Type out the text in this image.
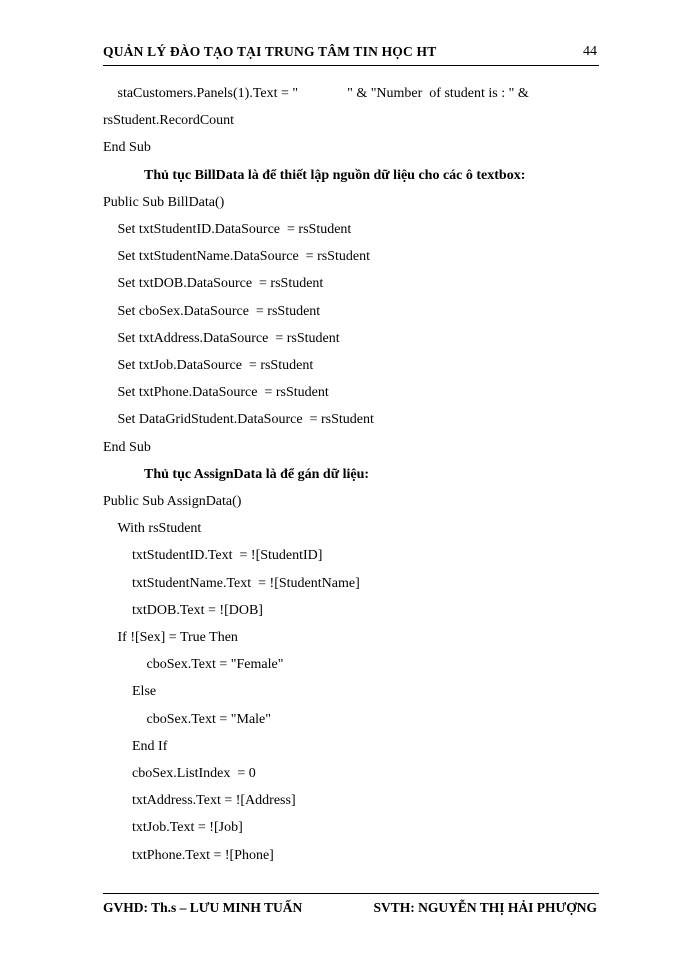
QUẢN LÝ ĐÀO TẠO TẠI TRUNG TÂM TIN HỌC HT	44
staCustomers.Panels(1).Text = "              " & "Number  of student is : " &
rsStudent.RecordCount
End Sub
Thủ tục BillData là để thiết lập nguồn dữ liệu cho các ô textbox:
Public Sub BillData()
Set txtStudentID.DataSource  = rsStudent
Set txtStudentName.DataSource  = rsStudent
Set txtDOB.DataSource  = rsStudent
Set cboSex.DataSource  = rsStudent
Set txtAddress.DataSource  = rsStudent
Set txtJob.DataSource  = rsStudent
Set txtPhone.DataSource  = rsStudent
Set DataGridStudent.DataSource  = rsStudent
End Sub
Thủ tục AssignData là để gán dữ liệu:
Public Sub AssignData()
With rsStudent
txtStudentID.Text  = ![StudentID]
txtStudentName.Text  = ![StudentName]
txtDOB.Text = ![DOB]
If ![Sex] = True Then
cboSex.Text = "Female"
Else
cboSex.Text = "Male"
End If
cboSex.ListIndex  = 0
txtAddress.Text = ![Address]
txtJob.Text = ![Job]
txtPhone.Text = ![Phone]
GVHD: Th.s – LƯU MINH TUẤN	SVTH: NGUYỄN THỊ HẢI PHƯỢNG
